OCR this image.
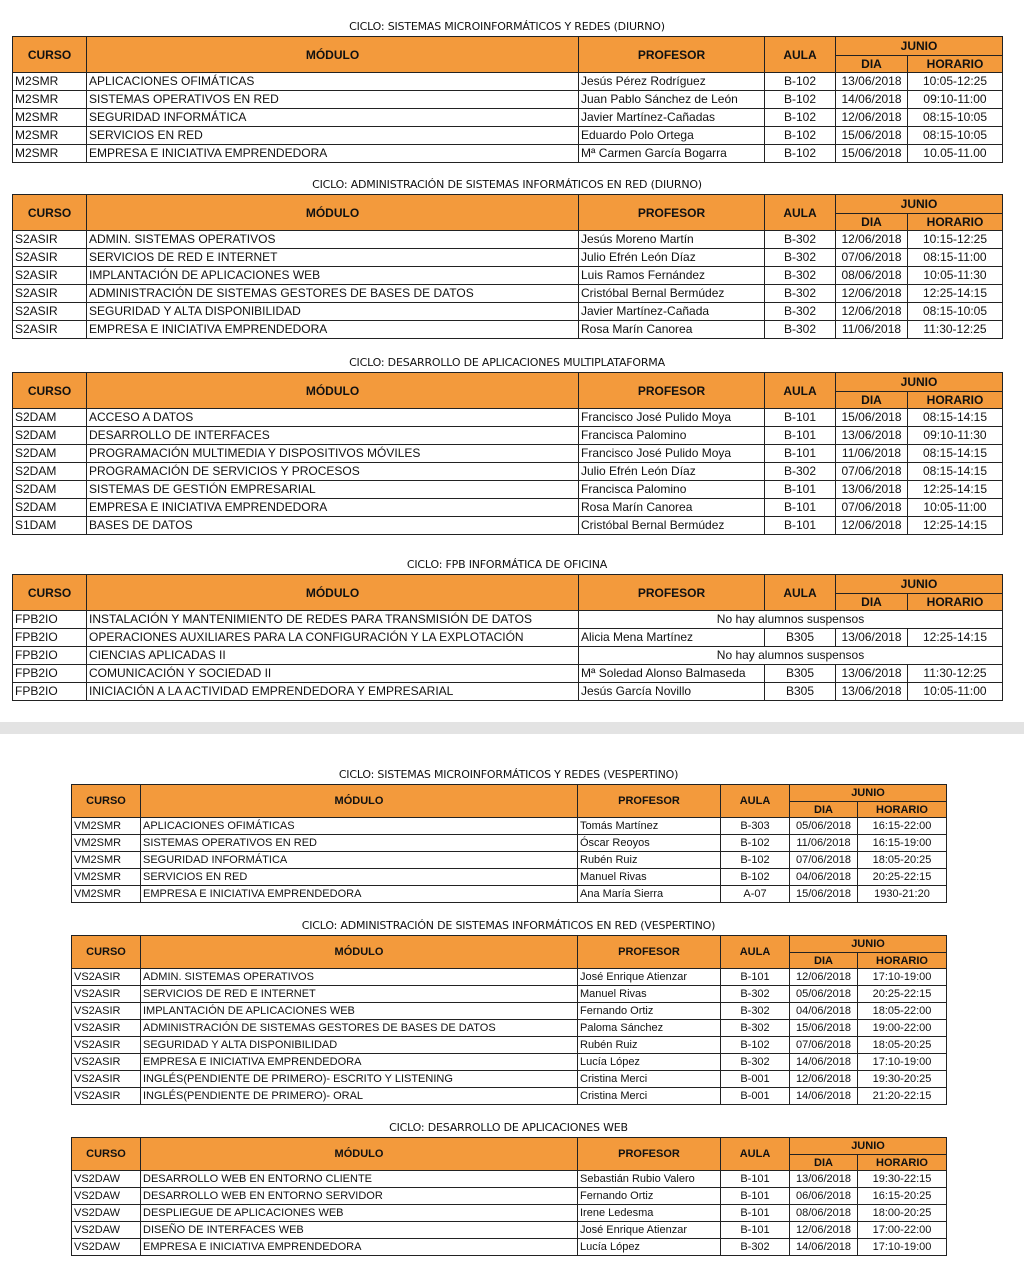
CICLO: SISTEMAS MICROINFORMÁTICOS Y REDES (DIURNO)
CURSO	MÓDULO	PROFESOR	AULA	JUNIO	
				DIA	HORARIO
M2SMR	APLICACIONES OFIMÁTICAS	Jesús Pérez Rodríguez	B-102	13/06/2018	10:05-12:25
M2SMR	SISTEMAS OPERATIVOS EN RED	Juan Pablo Sánchez de León	B-102	14/06/2018	09:10-11:00
M2SMR	SEGURIDAD INFORMÁTICA	Javier Martínez-Cañadas	B-102	12/06/2018	08:15-10:05
M2SMR	SERVICIOS EN RED	Eduardo Polo Ortega	B-102	15/06/2018	08:15-10:05
M2SMR	EMPRESA E INICIATIVA EMPRENDEDORA	Mª Carmen García Bogarra	B-102	15/06/2018	10.05-11.00
CICLO: ADMINISTRACIÓN DE SISTEMAS INFORMÁTICOS EN RED (DIURNO)
CURSO	MÓDULO	PROFESOR	AULA	JUNIO	
				DIA	HORARIO
S2ASIR	ADMIN. SISTEMAS OPERATIVOS	Jesús Moreno Martín	B-302	12/06/2018	10:15-12:25
S2ASIR	SERVICIOS DE RED E INTERNET	Julio Efrén León Díaz	B-302	07/06/2018	08:15-11:00
S2ASIR	IMPLANTACIÓN DE APLICACIONES WEB	Luis Ramos Fernández	B-302	08/06/2018	10:05-11:30
S2ASIR	ADMINISTRACIÓN DE SISTEMAS GESTORES DE BASES DE DATOS	Cristóbal Bernal Bermúdez	B-302	12/06/2018	12:25-14:15
S2ASIR	SEGURIDAD Y ALTA DISPONIBILIDAD	Javier Martínez-Cañada	B-302	12/06/2018	08:15-10:05
S2ASIR	EMPRESA E INICIATIVA EMPRENDEDORA	Rosa Marín Canorea	B-302	11/06/2018	11:30-12:25
CICLO: DESARROLLO DE APLICACIONES MULTIPLATAFORMA
CURSO	MÓDULO	PROFESOR	AULA	JUNIO	
				DIA	HORARIO
S2DAM	ACCESO A DATOS	Francisco José Pulido Moya	B-101	15/06/2018	08:15-14:15
S2DAM	DESARROLLO DE INTERFACES	Francisca Palomino	B-101	13/06/2018	09:10-11:30
S2DAM	PROGRAMACIÓN MULTIMEDIA Y DISPOSITIVOS MÓVILES	Francisco José Pulido Moya	B-101	11/06/2018	08:15-14:15
S2DAM	PROGRAMACIÓN DE SERVICIOS Y PROCESOS	Julio Efrén León Díaz	B-302	07/06/2018	08:15-14:15
S2DAM	SISTEMAS DE GESTIÓN EMPRESARIAL	Francisca Palomino	B-101	13/06/2018	12:25-14:15
S2DAM	EMPRESA E INICIATIVA EMPRENDEDORA	Rosa Marín Canorea	B-101	07/06/2018	10:05-11:00
S1DAM	BASES DE DATOS	Cristóbal Bernal Bermúdez	B-101	12/06/2018	12:25-14:15
CICLO: FPB INFORMÁTICA DE OFICINA
CURSO	MÓDULO	PROFESOR	AULA	JUNIO	
				DIA	HORARIO
FPB2IO	INSTALACIÓN Y MANTENIMIENTO DE REDES PARA TRANSMISIÓN DE DATOS	No hay alumnos suspensos			
FPB2IO	OPERACIONES AUXILIARES PARA LA CONFIGURACIÓN Y LA EXPLOTACIÓN	Alicia Mena Martínez	B305	13/06/2018	12:25-14:15
FPB2IO	CIENCIAS APLICADAS II	No hay alumnos suspensos			
FPB2IO	COMUNICACIÓN Y SOCIEDAD II	Mª Soledad Alonso Balmaseda	B305	13/06/2018	11:30-12:25
FPB2IO	INICIACIÓN A LA ACTIVIDAD EMPRENDEDORA Y EMPRESARIAL	Jesús García Novillo	B305	13/06/2018	10:05-11:00
CICLO: SISTEMAS MICROINFORMÁTICOS Y REDES (VESPERTINO)
CURSO	MÓDULO	PROFESOR	AULA	JUNIO	
				DIA	HORARIO
VM2SMR	APLICACIONES OFIMÁTICAS	Tomás Martínez	B-303	05/06/2018	16:15-22:00
VM2SMR	SISTEMAS OPERATIVOS EN RED	Óscar Reoyos	B-102	11/06/2018	16:15-19:00
VM2SMR	SEGURIDAD INFORMÁTICA	Rubén Ruiz	B-102	07/06/2018	18:05-20:25
VM2SMR	SERVICIOS EN RED	Manuel Rivas	B-102	04/06/2018	20:25-22:15
VM2SMR	EMPRESA E INICIATIVA EMPRENDEDORA	Ana María Sierra	A-07	15/06/2018	1930-21:20
CICLO: ADMINISTRACIÓN DE SISTEMAS INFORMÁTICOS EN RED (VESPERTINO)
CURSO	MÓDULO	PROFESOR	AULA	JUNIO	
				DIA	HORARIO
VS2ASIR	ADMIN. SISTEMAS OPERATIVOS	José Enrique Atienzar	B-101	12/06/2018	17:10-19:00
VS2ASIR	SERVICIOS DE RED E INTERNET	Manuel Rivas	B-302	05/06/2018	20:25-22:15
VS2ASIR	IMPLANTACIÓN DE APLICACIONES WEB	Fernando Ortiz	B-302	04/06/2018	18:05-22:00
VS2ASIR	ADMINISTRACIÓN DE SISTEMAS GESTORES DE BASES DE DATOS	Paloma Sánchez	B-302	15/06/2018	19:00-22:00
VS2ASIR	SEGURIDAD Y ALTA DISPONIBILIDAD	Rubén Ruiz	B-102	07/06/2018	18:05-20:25
VS2ASIR	EMPRESA E INICIATIVA EMPRENDEDORA	Lucía López	B-302	14/06/2018	17:10-19:00
VS2ASIR	INGLÉS(PENDIENTE DE PRIMERO)- ESCRITO Y LISTENING	Cristina Merci	B-001	12/06/2018	19:30-20:25
VS2ASIR	INGLÉS(PENDIENTE DE PRIMERO)- ORAL	Cristina Merci	B-001	14/06/2018	21:20-22:15
CICLO: DESARROLLO DE APLICACIONES WEB
CURSO	MÓDULO	PROFESOR	AULA	JUNIO	
				DIA	HORARIO
VS2DAW	DESARROLLO WEB EN ENTORNO CLIENTE	Sebastián Rubio Valero	B-101	13/06/2018	19:30-22:15
VS2DAW	DESARROLLO WEB EN ENTORNO SERVIDOR	Fernando Ortiz	B-101	06/06/2018	16:15-20:25
VS2DAW	DESPLIEGUE DE APLICACIONES WEB	Irene Ledesma	B-101	08/06/2018	18:00-20:25
VS2DAW	DISEÑO DE INTERFACES WEB	José Enrique Atienzar	B-101	12/06/2018	17:00-22:00
VS2DAW	EMPRESA E INICIATIVA EMPRENDEDORA	Lucía López	B-302	14/06/2018	17:10-19:00
